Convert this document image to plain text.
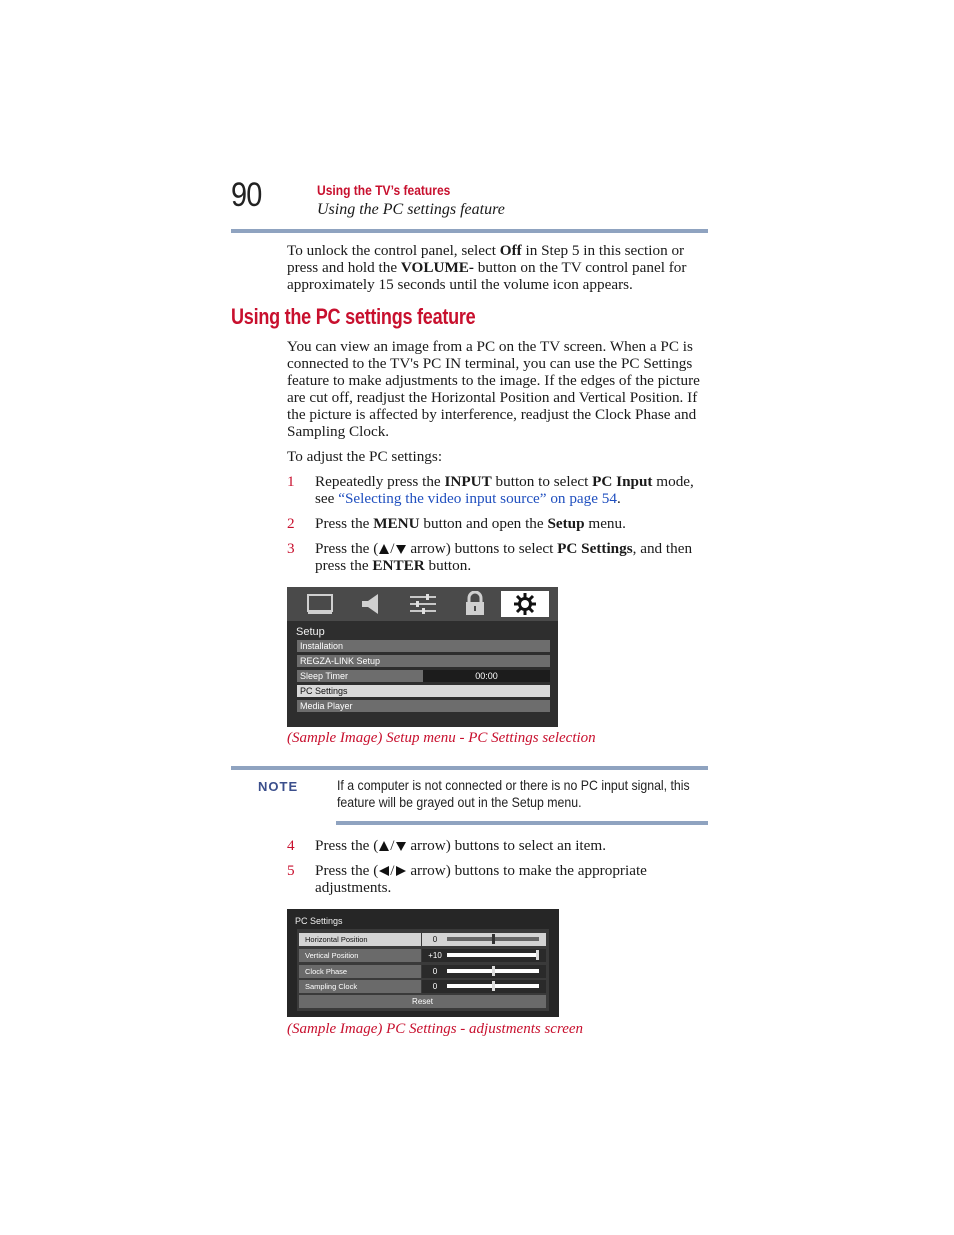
90	Using the TV’s features
Using the PC settings feature
To unlock the control panel, select Off in Step 5 in this section or press and hold the VOLUME- button on the TV control panel for approximately 15 seconds until the volume icon appears.
Using the PC settings feature
You can view an image from a PC on the TV screen. When a PC is connected to the TV's PC IN terminal, you can use the PC Settings feature to make adjustments to the image. If the edges of the picture are cut off, readjust the Horizontal Position and Vertical Position. If the picture is affected by interference, readjust the Clock Phase and Sampling Clock.
To adjust the PC settings:
1 Repeatedly press the INPUT button to select PC Input mode, see “Selecting the video input source” on page 54.
2 Press the MENU button and open the Setup menu.
3 Press the ( / arrow) buttons to select PC Settings, and then press the ENTER button.
Setup
Installation
REGZA-LINK Setup
Sleep Timer	00:00
PC Settings
Media Player
(Sample Image) Setup menu - PC Settings selection
NOTE	If a computer is not connected or there is no PC input signal, this feature will be grayed out in the Setup menu.
4 Press the ( / arrow) buttons to select an item.
5 Press the ( / arrow) buttons to make the appropriate adjustments.
PC Settings
Horizontal Position	0
Vertical Position	+10
Clock Phase	0
Sampling Clock	0
Reset
(Sample Image) PC Settings - adjustments screen
